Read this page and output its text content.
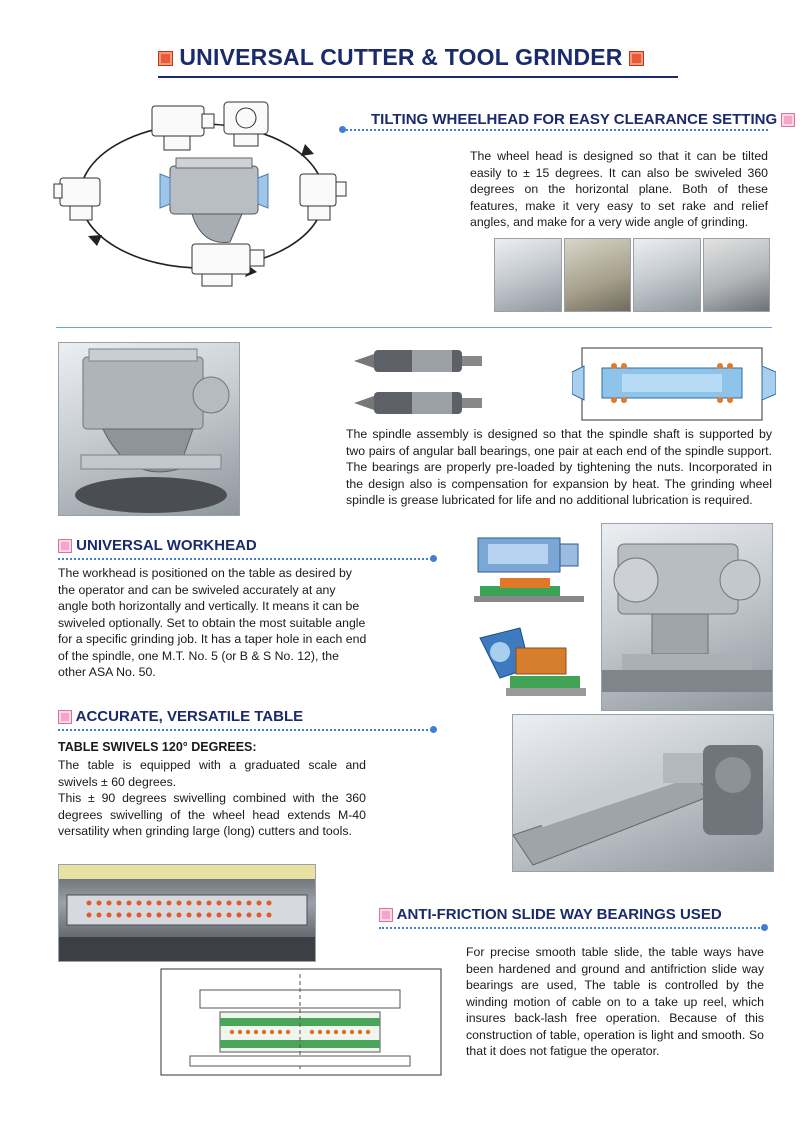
UNIVERSAL CUTTER & TOOL GRINDER
TILTING WHEELHEAD FOR EASY CLEARANCE SETTING
The wheel head is designed so that it can be tilted easily to ± 15 degrees. It can also be swiveled 360 degrees on the horizontal plane. Both of these features, make it very easy to set rake and relief angles, and make for a very wide angle of grinding.
The spindle assembly is designed so that the spindle shaft is supported by two pairs of angular ball bearings, one pair at each end of the spindle support. The bearings are properly pre-loaded by tightening the nuts. Incorporated in the design also is compensation for expansion by heat. The grinding wheel spindle is grease lubricated for life and no additional lubrication is required.
UNIVERSAL WORKHEAD
The workhead is positioned on the table as desired by the operator and can be swiveled accurately at any angle both horizontally and vertically. It means it can be swiveled optionally. Set to obtain the most suitable angle for a specific grinding job. It has a taper hole in each end of the spindle, one M.T. No. 5 (or B & S No. 12), the other ASA No. 50.
ACCURATE, VERSATILE TABLE
TABLE SWIVELS 120° DEGREES:
The table is equipped with a graduated scale and swivels ± 60 degrees.
This ± 90 degrees swivelling combined with the 360 degrees swivelling of the wheel head extends M-40 versatility when grinding large (long) cutters and tools.
ANTI-FRICTION SLIDE WAY BEARINGS USED
For precise smooth table slide, the table ways have been hardened and ground and antifriction slide way bearings are used, The table is controlled by the winding motion of cable on to a take up reel, which insures back-lash free operation. Because of this construction of table, operation is light and smooth. So that it does not fatigue the operator.
